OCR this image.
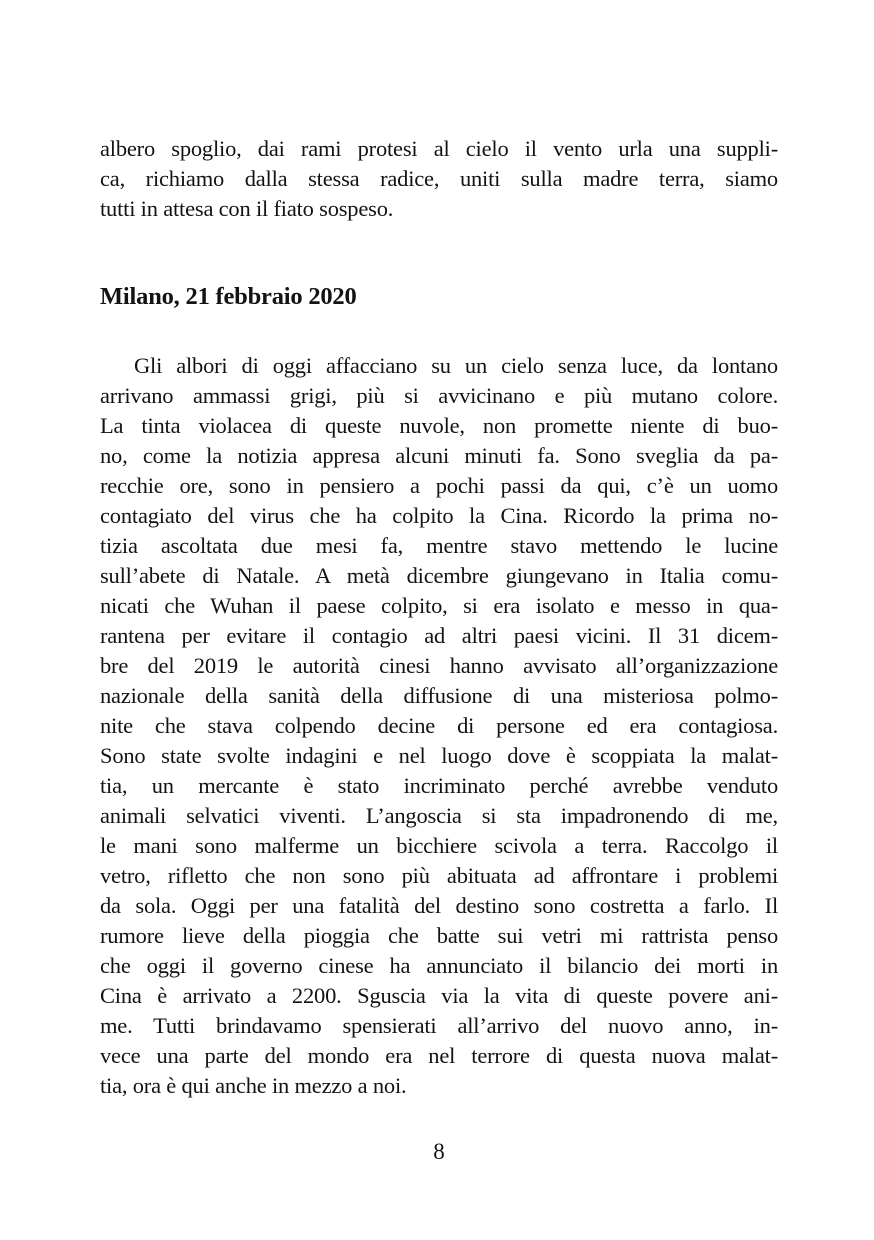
albero spoglio, dai rami protesi al cielo il vento urla una suppli-
ca, richiamo dalla stessa radice, uniti sulla madre terra, siamo
tutti in attesa con il fiato sospeso.
Milano, 21 febbraio 2020
Gli albori di oggi affacciano su un cielo senza luce, da lontano
arrivano ammassi grigi, più si avvicinano e più mutano colore.
La tinta violacea di queste nuvole, non promette niente di buo-
no, come la notizia appresa alcuni minuti fa. Sono sveglia da pa-
recchie ore, sono in pensiero a pochi passi da qui, c’è un uomo
contagiato del virus che ha colpito la Cina. Ricordo la prima no-
tizia ascoltata due mesi fa, mentre stavo mettendo le lucine
sull’abete di Natale. A metà dicembre giungevano in Italia comu-
nicati che Wuhan il paese colpito, si era isolato e messo in qua-
rantena per evitare il contagio ad altri paesi vicini. Il 31 dicem-
bre del 2019 le autorità cinesi hanno avvisato all’organizzazione
nazionale della sanità della diffusione di una misteriosa polmo-
nite che stava colpendo decine di persone ed era contagiosa.
Sono state svolte indagini e nel luogo dove è scoppiata la malat-
tia, un mercante è stato incriminato perché avrebbe venduto
animali selvatici viventi. L’angoscia si sta impadronendo di me,
le mani sono malferme un bicchiere scivola a terra. Raccolgo il
vetro, rifletto che non sono più abituata ad affrontare i problemi
da sola. Oggi per una fatalità del destino sono costretta a farlo. Il
rumore lieve della pioggia che batte sui vetri mi rattrista penso
che oggi il governo cinese ha annunciato il bilancio dei morti in
Cina è arrivato a 2200. Sguscia via la vita di queste povere ani-
me. Tutti brindavamo spensierati all’arrivo del nuovo anno, in-
vece una parte del mondo era nel terrore di questa nuova malat-
tia, ora è qui anche in mezzo a noi.
8
